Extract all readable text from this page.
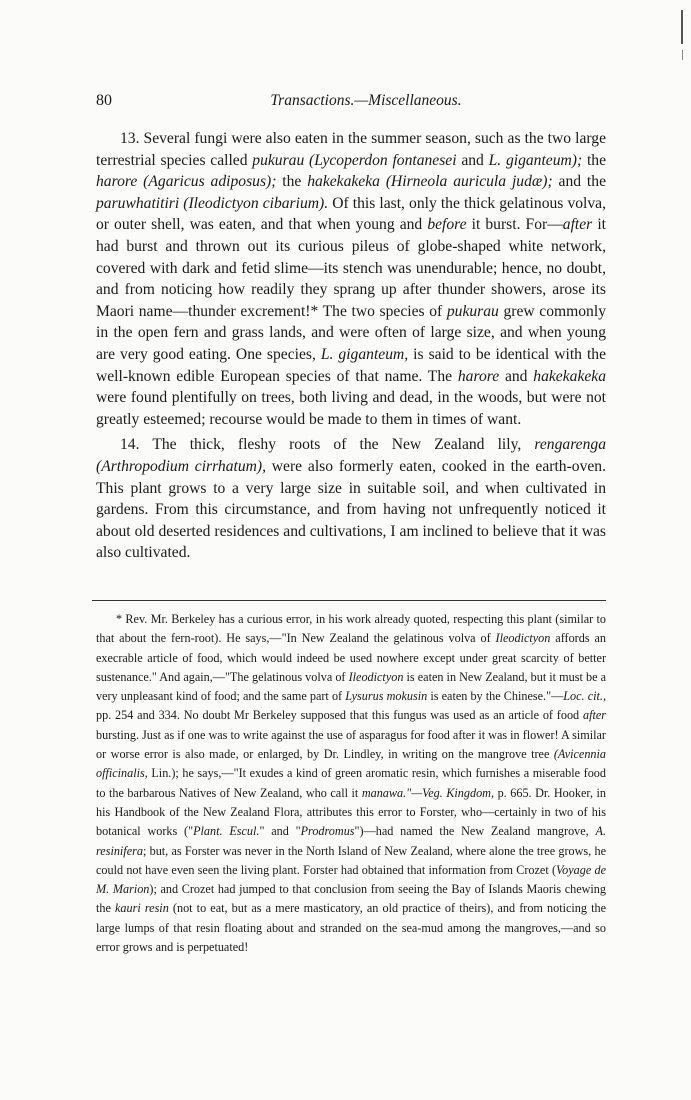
80	Transactions.—Miscellaneous.

13. Several fungi were also eaten in the summer season, such as the two large terrestrial species called pukurau (Lycoperdon fontanesei and L. giganteum); the harore (Agaricus adiposus); the hakekakeka (Hirneola auricula judæ); and the paruwhatitiri (Ileodictyon cibarium). Of this last, only the thick gelatinous volva, or outer shell, was eaten, and that when young and before it burst. For—after it had burst and thrown out its curious pileus of globe-shaped white network, covered with dark and fetid slime—its stench was unendurable; hence, no doubt, and from noticing how readily they sprang up after thunder showers, arose its Maori name—thunder excrement!* The two species of pukurau grew commonly in the open fern and grass lands, and were often of large size, and when young are very good eating. One species, L. giganteum, is said to be identical with the well-known edible European species of that name. The harore and hakekakeka were found plentifully on trees, both living and dead, in the woods, but were not greatly esteemed; recourse would be made to them in times of want.

14. The thick, fleshy roots of the New Zealand lily, rengarenga (Arthropodium cirrhatum), were also formerly eaten, cooked in the earth-oven. This plant grows to a very large size in suitable soil, and when cultivated in gardens. From this circumstance, and from having not unfrequently noticed it about old deserted residences and cultivations, I am inclined to believe that it was also cultivated.

* Rev. Mr. Berkeley has a curious error, in his work already quoted, respecting this plant (similar to that about the fern-root). He says,—"In New Zealand the gelatinous volva of Ileodictyon affords an execrable article of food, which would indeed be used nowhere except under great scarcity of better sustenance." And again,—"The gelatinous volva of Ileodictyon is eaten in New Zealand, but it must be a very unpleasant kind of food; and the same part of Lysurus mokusin is eaten by the Chinese."—Loc. cit., pp. 254 and 334. No doubt Mr Berkeley supposed that this fungus was used as an article of food after bursting. Just as if one was to write against the use of asparagus for food after it was in flower! A similar or worse error is also made, or enlarged, by Dr. Lindley, in writing on the mangrove tree (Avicennia officinalis, Lin.); he says,—"It exudes a kind of green aromatic resin, which furnishes a miserable food to the barbarous Natives of New Zealand, who call it manawa."—Veg. Kingdom, p. 665. Dr. Hooker, in his Handbook of the New Zealand Flora, attributes this error to Forster, who—certainly in two of his botanical works ("Plant. Escul." and "Prodromus")—had named the New Zealand mangrove, A. resinifera; but, as Forster was never in the North Island of New Zealand, where alone the tree grows, he could not have even seen the living plant. Forster had obtained that information from Crozet (Voyage de M. Marion); and Crozet had jumped to that conclusion from seeing the Bay of Islands Maoris chewing the kauri resin (not to eat, but as a mere masticatory, an old practice of theirs), and from noticing the large lumps of that resin floating about and stranded on the sea-mud among the mangroves,—and so error grows and is perpetuated!
